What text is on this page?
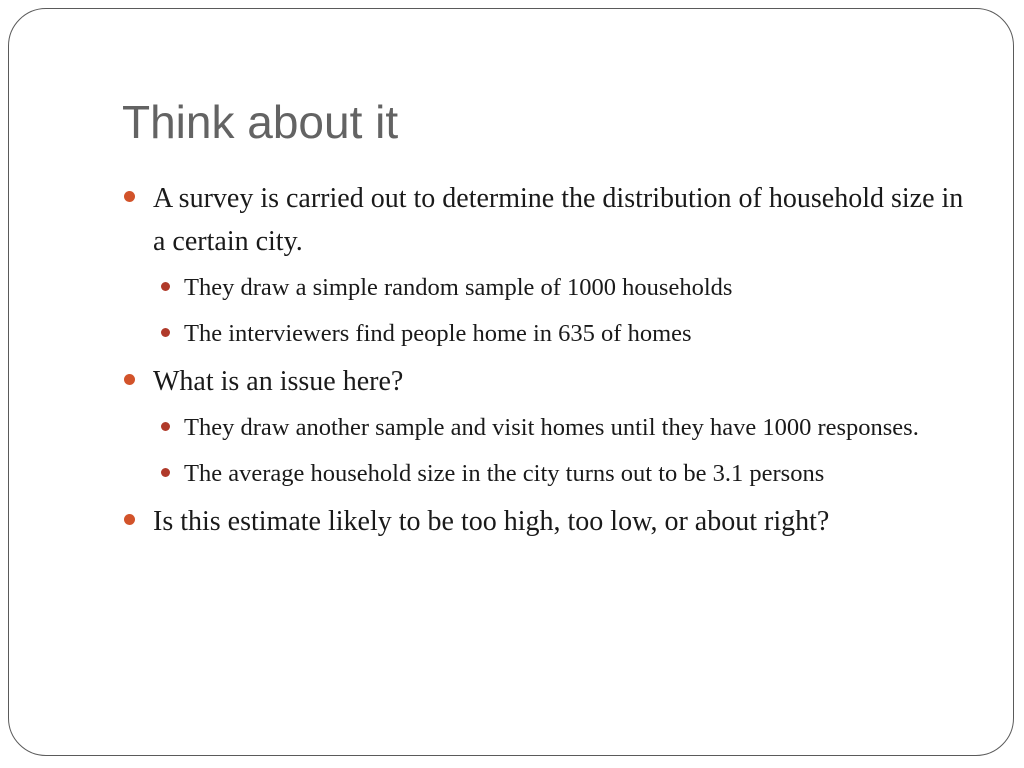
Think about it
A survey is carried out to determine the distribution of household size in a certain city.
They draw a simple random sample of 1000 households
The interviewers find people home in 635 of homes
What is an issue here?
They draw another sample and visit homes until they have 1000 responses.
The average household size in the city turns out to be 3.1 persons
Is this estimate likely to be too high, too low, or about right?
